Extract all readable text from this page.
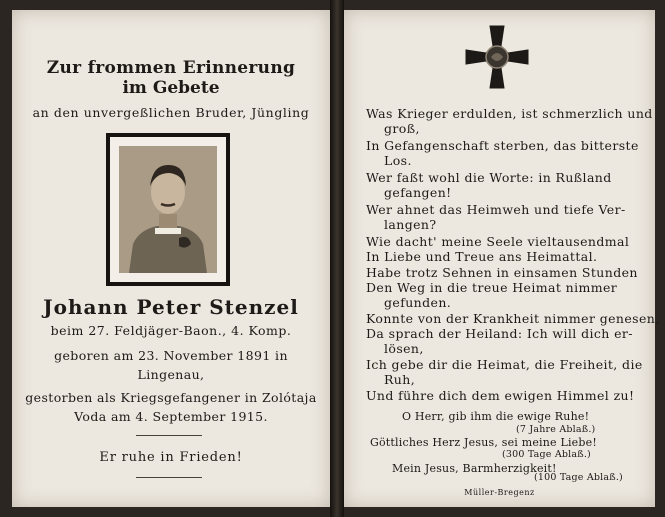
Zur frommen Erinnerung
im Gebete
an den unvergeßlichen Bruder, Jüngling
Johann Peter Stenzel
beim 27. Feldjäger-Baon., 4. Komp.
geboren am 23. November 1891 in
Lingenau,
gestorben als Kriegsgefangener in Zolótaja
Voda am 4. September 1915.
Er ruhe in Frieden!
Was Krieger erdulden, ist schmerzlich und
groß,
In Gefangenschaft sterben, das bitterste
Los.
Wer faßt wohl die Worte: in Rußland
gefangen!
Wer ahnet das Heimweh und tiefe Ver-
langen?
Wie dacht' meine Seele vieltausendmal
In Liebe und Treue ans Heimattal.
Habe trotz Sehnen in einsamen Stunden
Den Weg in die treue Heimat nimmer
gefunden.
Konnte von der Krankheit nimmer genesen,
Da sprach der Heiland: Ich will dich er-
lösen,
Ich gebe dir die Heimat, die Freiheit, die
Ruh,
Und führe dich dem ewigen Himmel zu!
O Herr, gib ihm die ewige Ruhe!
(7 Jahre Ablaß.)
Göttliches Herz Jesus, sei meine Liebe!
(300 Tage Ablaß.)
Mein Jesus, Barmherzigkeit!
(100 Tage Ablaß.)
Müller-Bregenz
